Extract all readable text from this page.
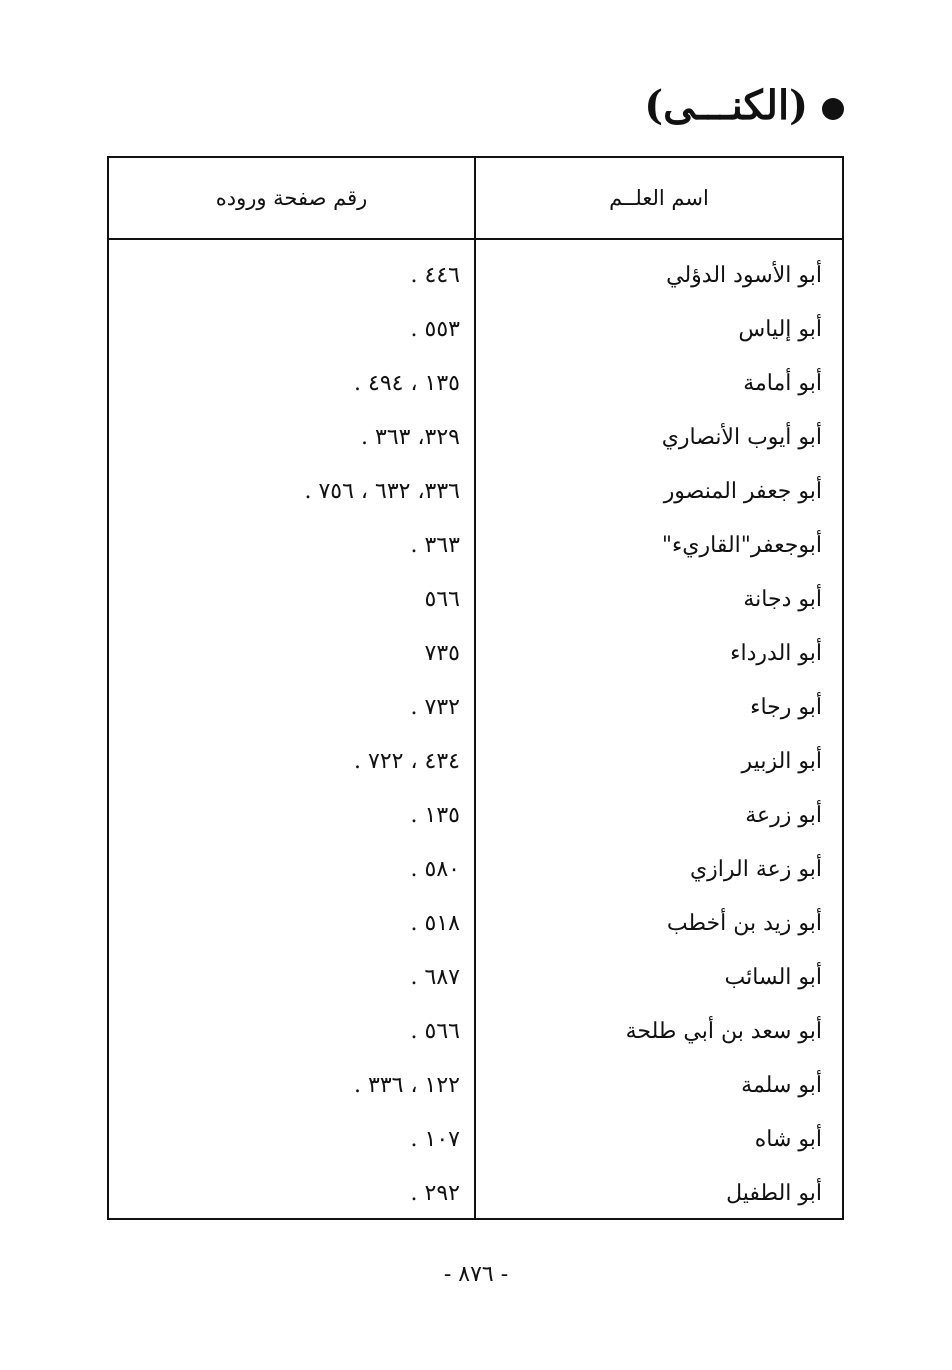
(الكنـــى)
اسم العلــم
رقم صفحة وروده
أبو الأسود الدؤلي
٤٤٦ .
أبو إلياس
٥٥٣ .
أبو أمامة
١٣٥ ، ٤٩٤ .
أبو أيوب الأنصاري
٣٢٩، ٣٦٣ .
أبو جعفر المنصور
٣٣٦، ٦٣٢ ، ٧٥٦ .
أبوجعفر"القاريء"
٣٦٣ .
أبو دجانة
٥٦٦
أبو الدرداء
٧٣٥
أبو رجاء
٧٣٢ .
أبو الزبير
٤٣٤ ، ٧٢٢ .
أبو زرعة
١٣٥ .
أبو زعة الرازي
٥٨٠ .
أبو زيد بن أخطب
٥١٨ .
أبو السائب
٦٨٧ .
أبو سعد بن أبي طلحة
٥٦٦ .
أبو سلمة
١٢٢ ، ٣٣٦ .
أبو شاه
١٠٧ .
أبو الطفيل
٢٩٢ .
- ٨٧٦ -
